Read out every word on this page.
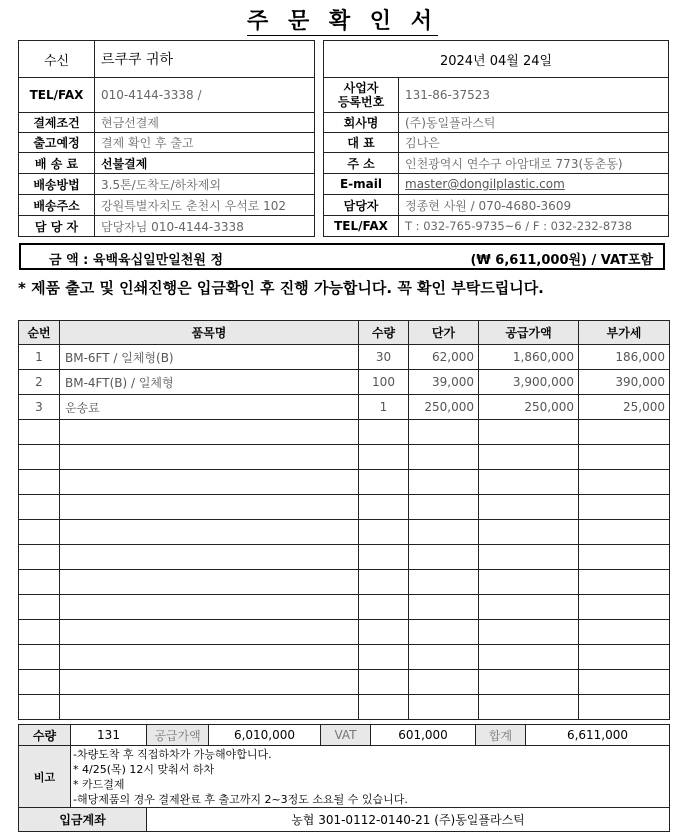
주 문 확 인 서
수신	르쿠쿠 귀하
TEL/FAX	010-4144-3338 /
결제조건	현금선결제
출고예정	결제 확인 후 출고
배 송 료	선불결제
배송방법	3.5톤/도착도/하차제외
배송주소	강원특별자치도 춘천시 우석로 102
담 당 자	담당자님 010-4144-3338
2024년 04월 24일	
사업자
등록번호	131-86-37523
회사명	(주)동일플라스틱
대 표	김나은
주 소	인천광역시 연수구 아암대로 773(동춘동)
E-mail	master@dongilplastic.com
담당자	정종현 사원 / 070-4680-3609
TEL/FAX	T : 032-765-9735~6 / F : 032-232-8738
금 액 : 육백육십일만일천원 정	(₩ 6,611,000원) / VAT포함
* 제품 출고 및 인쇄진행은 입금확인 후 진행 가능합니다. 꼭 확인 부탁드립니다.
순번	품목명	수량	단가	공급가액	부가세
1	BM-6FT / 일체형(B)	30	62,000	1,860,000	186,000
2	BM-4FT(B) / 일체형	100	39,000	3,900,000	390,000
3	운송료	1	250,000	250,000	25,000

수량	131	공급가액	6,010,000	VAT	601,000	합계	6,611,000
비고	-차량도착 후 직접하차가 가능해야합니다.
* 4/25(목) 12시 맞춰서 하차
* 카드결제
-해당제품의 경우 결제완료 후 출고까지 2~3정도 소요될 수 있습니다.						

입금계좌		농협 301-0112-0140-21 (주)동일플라스틱					
